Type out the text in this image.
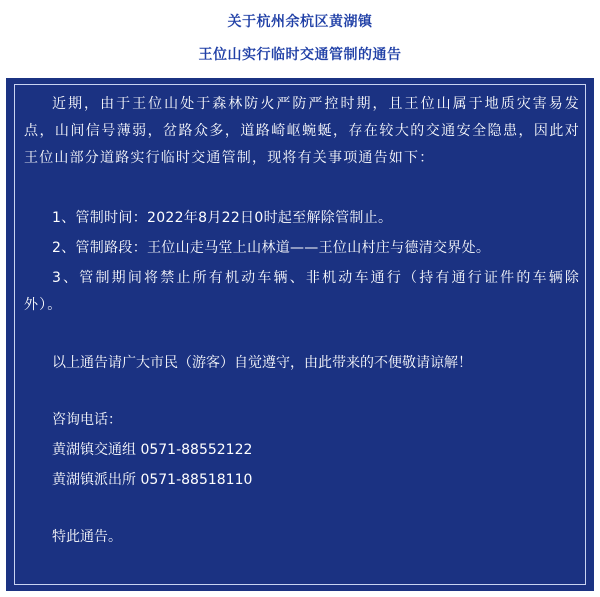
关于杭州余杭区黄湖镇
王位山实行临时交通管制的通告

近期，由于王位山处于森林防火严防严控时期，且王位山属于地质灾害易发点，山间信号薄弱，岔路众多，道路崎岖蜿蜒，存在较大的交通安全隐患，因此对王位山部分道路实行临时交通管制，现将有关事项通告如下：

1、管制时间：2022年8月22日0时起至解除管制止。

2、管制路段：王位山走马堂上山林道——王位山村庄与德清交界处。

3、管制期间将禁止所有机动车辆、非机动车通行（持有通行证件的车辆除外）。

以上通告请广大市民（游客）自觉遵守，由此带来的不便敬请谅解！

咨询电话：

黄湖镇交通组 0571-88552122

黄湖镇派出所 0571-88518110

特此通告。
